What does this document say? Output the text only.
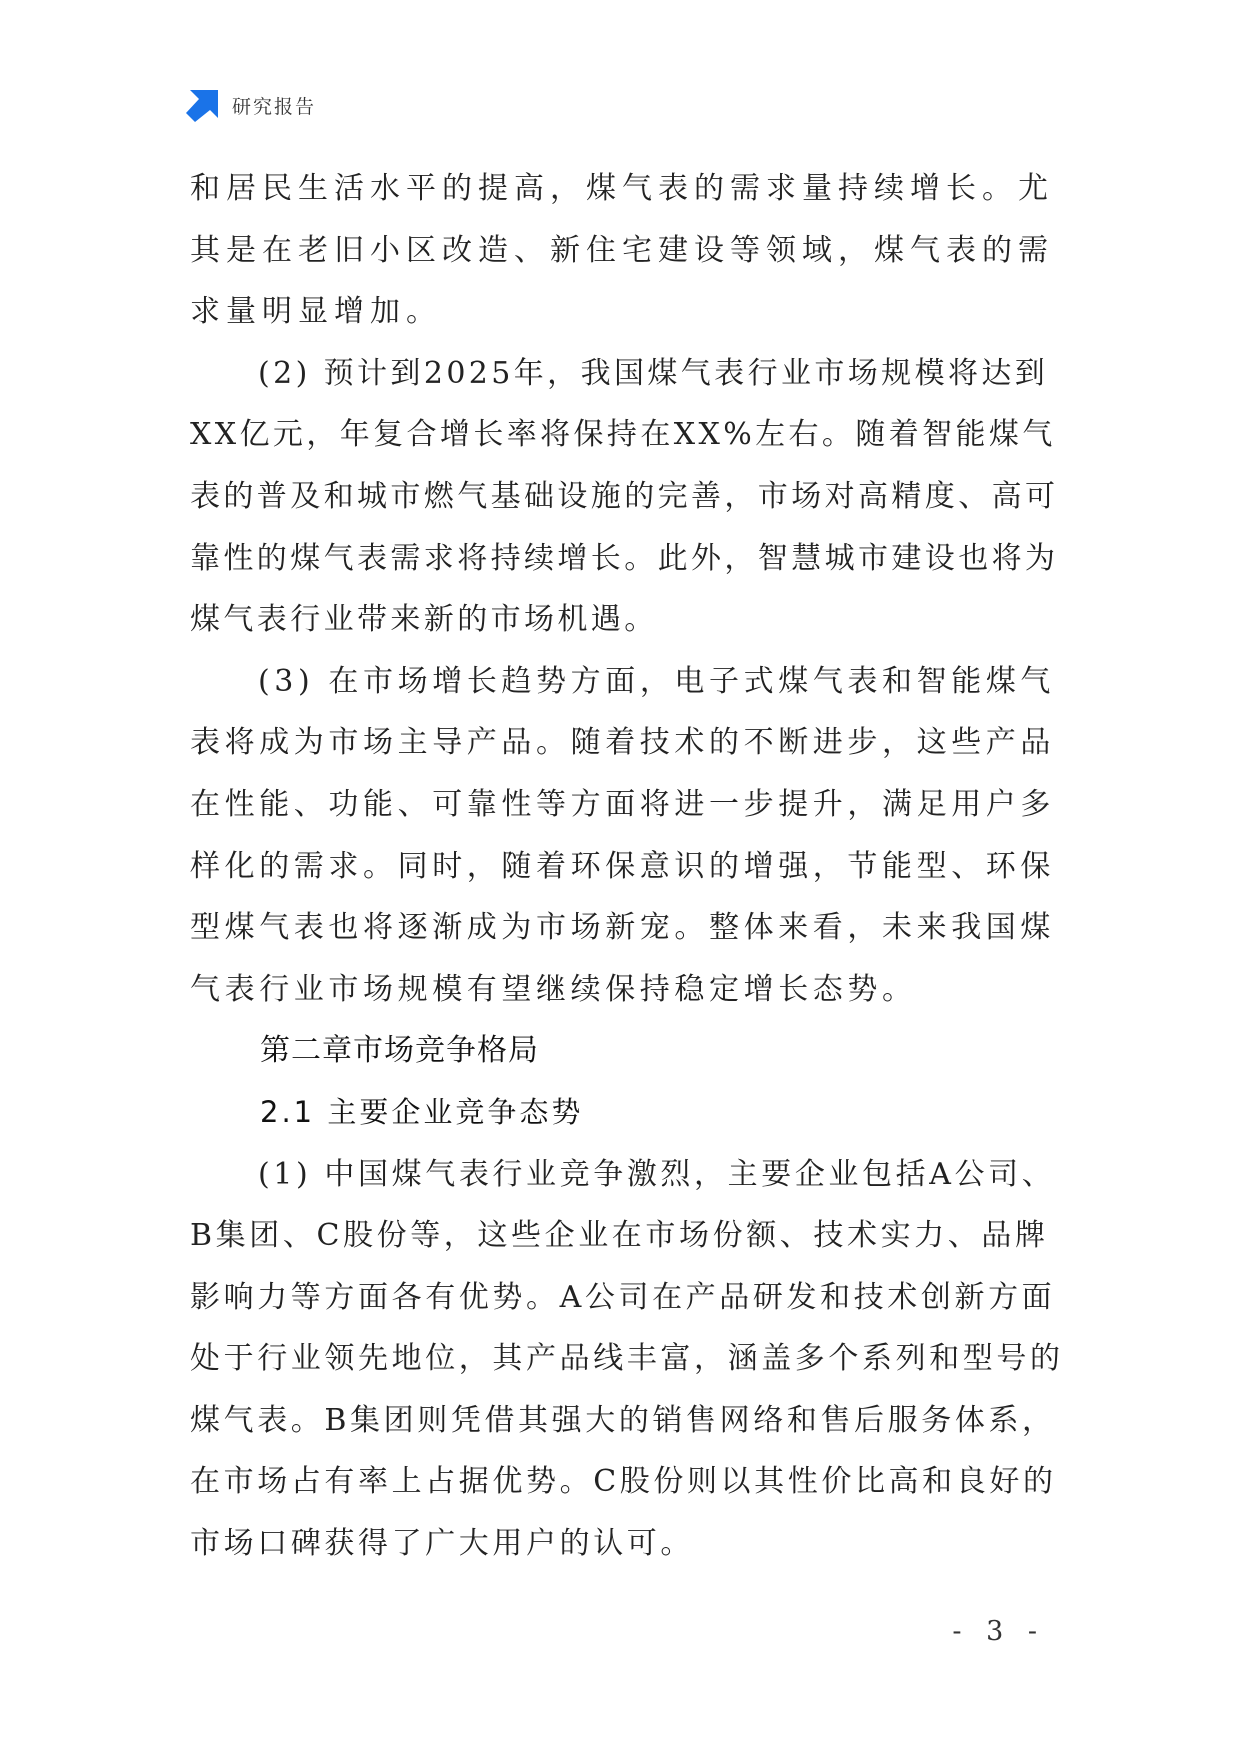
研究报告

和居民生活水平的提高，煤气表的需求量持续增长。尤其是在老旧小区改造、新住宅建设等领域，煤气表的需求量明显增加。

(2) 预计到2025年，我国煤气表行业市场规模将达到XX亿元，年复合增长率将保持在XX%左右。随着智能煤气表的普及和城市燃气基础设施的完善，市场对高精度、高可靠性的煤气表需求将持续增长。此外，智慧城市建设也将为煤气表行业带来新的市场机遇。

(3) 在市场增长趋势方面，电子式煤气表和智能煤气表将成为市场主导产品。随着技术的不断进步，这些产品在性能、功能、可靠性等方面将进一步提升，满足用户多样化的需求。同时，随着环保意识的增强，节能型、环保型煤气表也将逐渐成为市场新宠。整体来看，未来我国煤气表行业市场规模有望继续保持稳定增长态势。

第二章市场竞争格局
2.1 主要企业竞争态势

(1) 中国煤气表行业竞争激烈，主要企业包括A公司、B集团、C股份等，这些企业在市场份额、技术实力、品牌影响力等方面各有优势。A公司在产品研发和技术创新方面处于行业领先地位，其产品线丰富，涵盖多个系列和型号的煤气表。B集团则凭借其强大的销售网络和售后服务体系，在市场占有率上占据优势。C股份则以其性价比高和良好的市场口碑获得了广大用户的认可。

- 3 -
